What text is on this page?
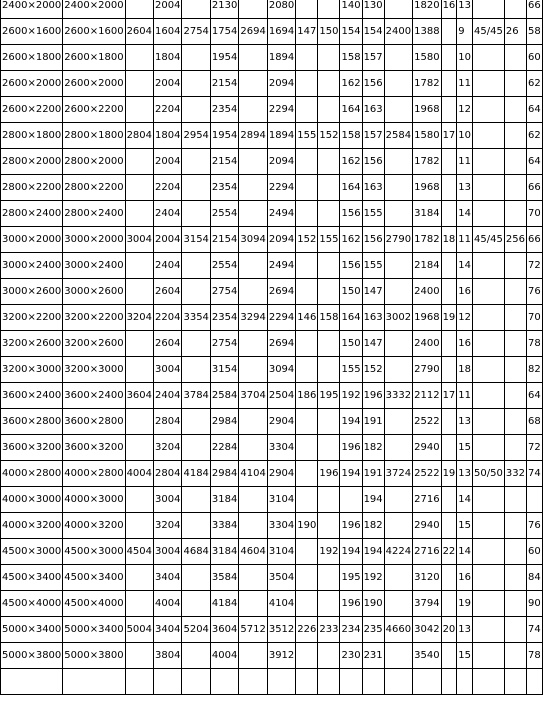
2400×2000	2400×2000		2004		2130		2080			140	130		1820	16	13			66
2600×1600	2600×1600	2604	1604	2754	1754	2694	1694	147	150	154	154	2400	1388		9	45/45	26	58
2600×1800	2600×1800		1804		1954		1894			158	157		1580		10			60
2600×2000	2600×2000		2004		2154		2094			162	156		1782		11			62
2600×2200	2600×2200		2204		2354		2294			164	163		1968		12			64
2800×1800	2800×1800	2804	1804	2954	1954	2894	1894	155	152	158	157	2584	1580	17	10			62
2800×2000	2800×2000		2004		2154		2094			162	156		1782		11			64
2800×2200	2800×2200		2204		2354		2294			164	163		1968		13			66
2800×2400	2800×2400		2404		2554		2494			156	155		3184		14			70
3000×2000	3000×2000	3004	2004	3154	2154	3094	2094	152	155	162	156	2790	1782	18	11	45/45	256	66
3000×2400	3000×2400		2404		2554		2494			156	155		2184		14			72
3000×2600	3000×2600		2604		2754		2694			150	147		2400		16			76
3200×2200	3200×2200	3204	2204	3354	2354	3294	2294	146	158	164	163	3002	1968	19	12			70
3200×2600	3200×2600		2604		2754		2694			150	147		2400		16			78
3200×3000	3200×3000		3004		3154		3094			155	152		2790		18			82
3600×2400	3600×2400	3604	2404	3784	2584	3704	2504	186	195	192	196	3332	2112	17	11			64
3600×2800	3600×2800		2804		2984		2904			194	191		2522		13			68
3600×3200	3600×3200		3204		2284		3304			196	182		2940		15			72
4000×2800	4000×2800	4004	2804	4184	2984	4104	2904		196	194	191	3724	2522	19	13	50/50	332	74
4000×3000	4000×3000		3004		3184		3104				194		2716		14			
4000×3200	4000×3200		3204		3384		3304	190		196	182		2940		15			76
4500×3000	4500×3000	4504	3004	4684	3184	4604	3104		192	194	194	4224	2716	22	14			60
4500×3400	4500×3400		3404		3584		3504			195	192		3120		16			84
4500×4000	4500×4000		4004		4184		4104			196	190		3794		19			90
5000×3400	5000×3400	5004	3404	5204	3604	5712	3512	226	233	234	235	4660	3042	20	13			74
5000×3800	5000×3800		3804		4004		3912			230	231		3540		15			78
